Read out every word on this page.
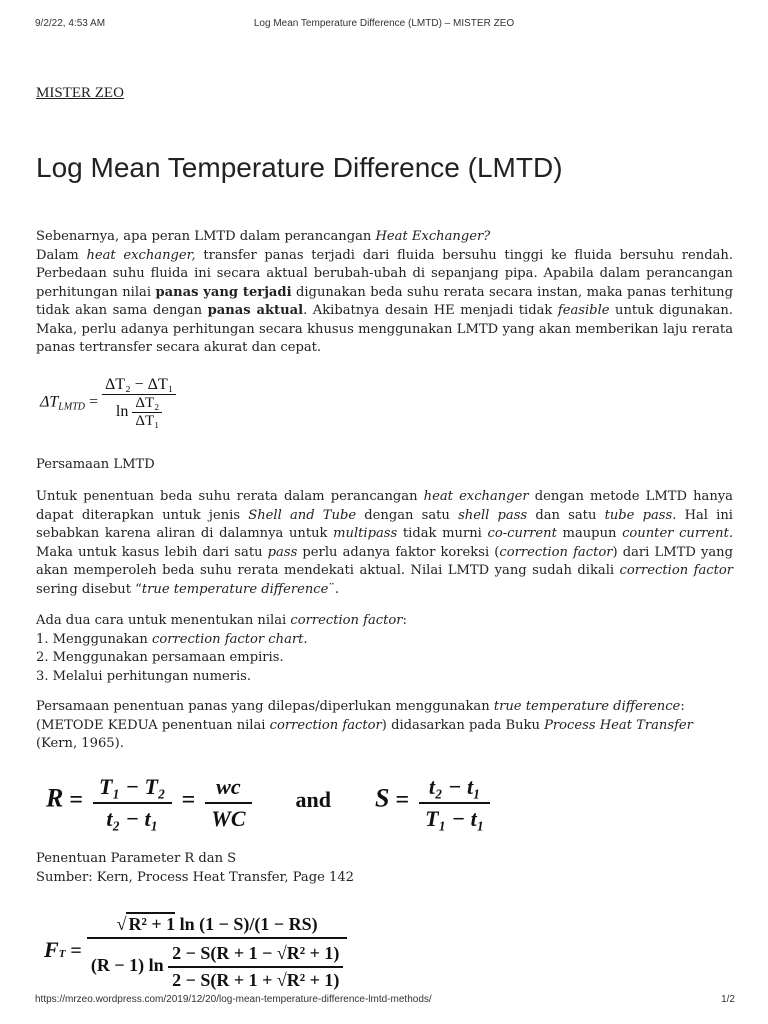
9/2/22, 4:53 AM	Log Mean Temperature Difference (LMTD) – MISTER ZEO
MISTER ZEO
Log Mean Temperature Difference (LMTD)
Sebenarnya, apa peran LMTD dalam perancangan Heat Exchanger?
Dalam heat exchanger, transfer panas terjadi dari fluida bersuhu tinggi ke fluida bersuhu rendah. Perbedaan suhu fluida ini secara aktual berubah-ubah di sepanjang pipa. Apabila dalam perancangan perhitungan nilai panas yang terjadi digunakan beda suhu rerata secara instan, maka panas terhitung tidak akan sama dengan panas aktual. Akibatnya desain HE menjadi tidak feasible untuk digunakan. Maka, perlu adanya perhitungan secara khusus menggunakan LMTD yang akan memberikan laju rerata panas tertransfer secara akurat dan cepat.
$\Delta T_{LMTD} = \frac{\text{ΔT₂ − ΔT₁}}{\ln \frac{\text{ΔT₂}}{\text{ΔT₁}}}$
Persamaan LMTD
Untuk penentuan beda suhu rerata dalam perancangan heat exchanger dengan metode LMTD hanya dapat diterapkan untuk jenis Shell and Tube dengan satu shell pass dan satu tube pass. Hal ini sebabkan karena aliran di dalamnya untuk multipass tidak murni co-current maupun counter current. Maka untuk kasus lebih dari satu pass perlu adanya faktor koreksi (correction factor) dari LMTD yang akan memperoleh beda suhu rerata mendekati aktual. Nilai LMTD yang sudah dikali correction factor sering disebut “true temperature difference¨.
Ada dua cara untuk menentukan nilai correction factor:
1. Menggunakan correction factor chart.
2. Menggunakan persamaan empiris.
3. Melalui perhitungan numeris.
Persamaan penentuan panas yang dilepas/diperlukan menggunakan true temperature difference:
(METODE KEDUA penentuan nilai correction factor) didasarkan pada Buku Process Heat Transfer
(Kern, 1965).
$R = \frac{\text{T₁ − T₂}}{\text{t₂ − t₁}} = \frac{wc}{WC}$ and $S = \frac{\text{t₂ − t₁}}{\text{T₁ − t₁}}$
Penentuan Parameter R dan S
Sumber: Kern, Process Heat Transfer, Page 142
FT = $\frac{\text{√ R² + 1 ln (1 − S)/(1 − RS)}}{(R - 1) \ln \frac{\text{2 − S(R + 1 − √R² + 1)}}{\text{2 − S(R + 1 + √R² + 1)}}}$
https://mrzeo.wordpress.com/2019/12/20/log-mean-temperature-difference-lmtd-methods/	1/2
